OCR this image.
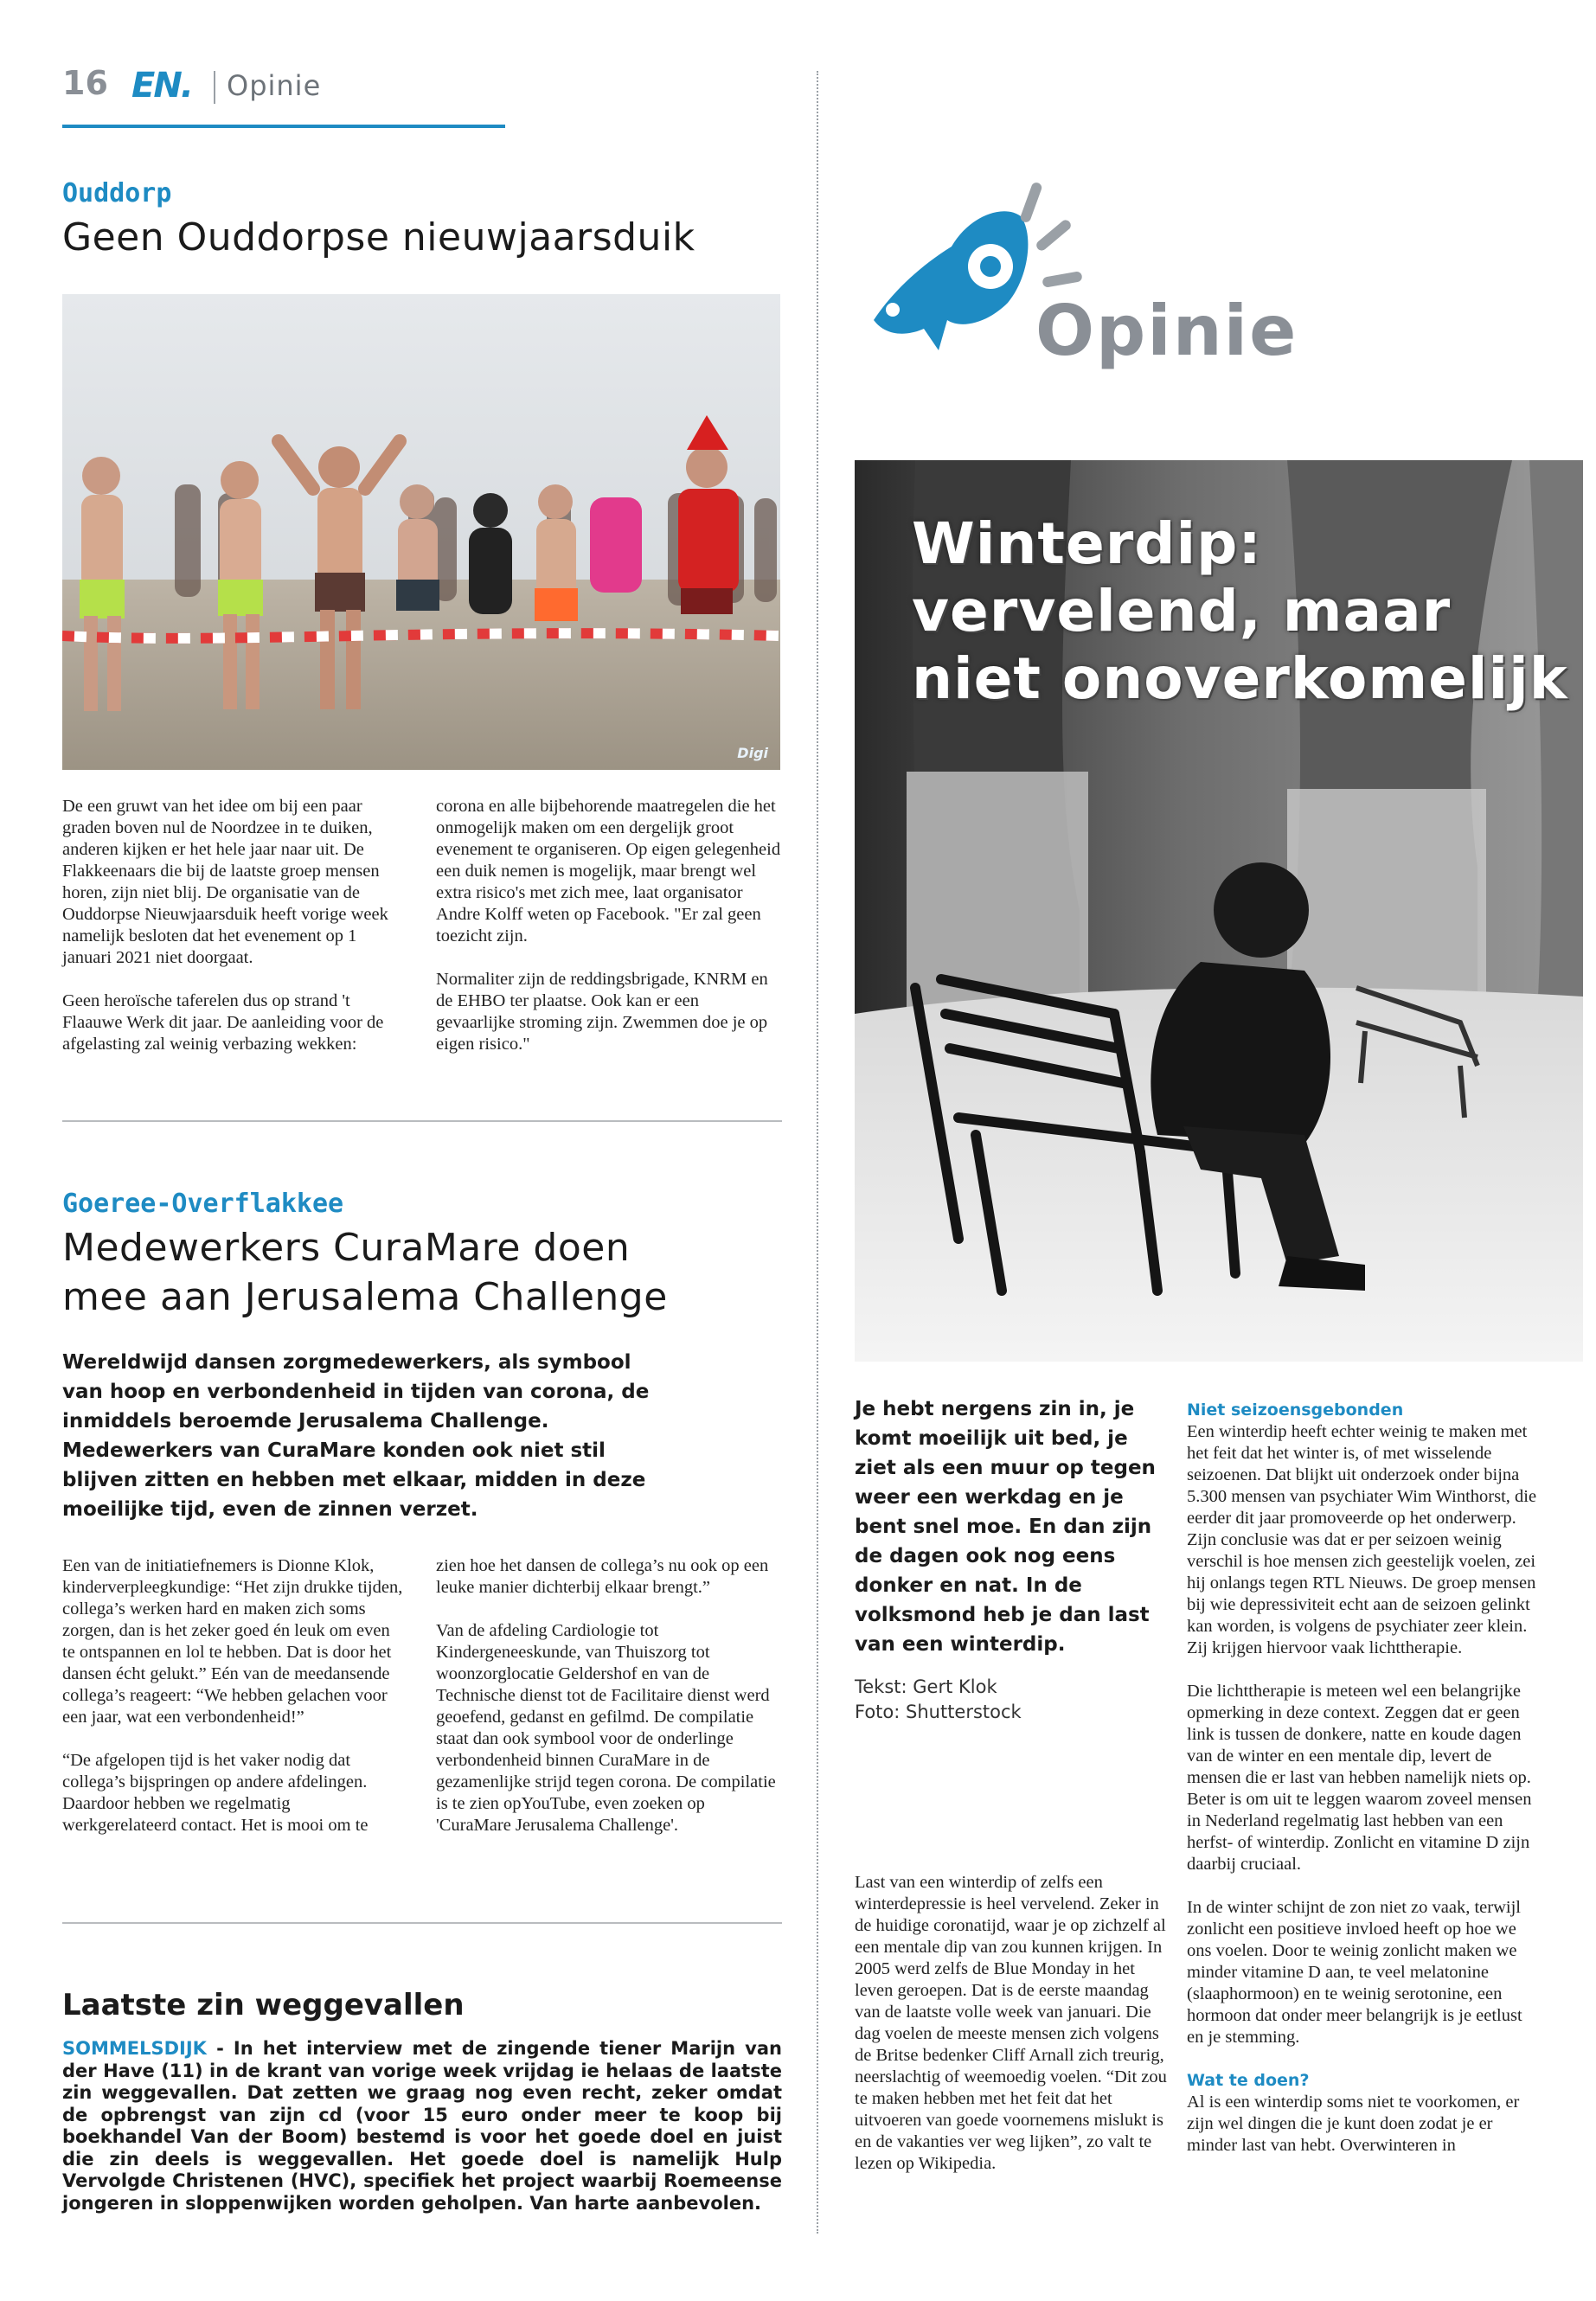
16 EN. Opinie
Ouddorp
Geen Ouddorpse nieuwjaarsduik
Digi

De een gruwt van het idee om bij een paar graden boven nul de Noordzee in te duiken, anderen kijken er het hele jaar naar uit. De Flakkeenaars die bij de laatste groep mensen horen, zijn niet blij. De organisatie van de Ouddorpse Nieuwjaarsduik heeft vorige week namelijk besloten dat het evenement op 1 januari 2021 niet doorgaat.

Geen heroïsche taferelen dus op strand 't Flaauwe Werk dit jaar. De aanleiding voor de afgelasting zal weinig verbazing wekken:

corona en alle bijbehorende maatregelen die het onmogelijk maken om een dergelijk groot evenement te organiseren. Op eigen gelegenheid een duik nemen is mogelijk, maar brengt wel extra risico's met zich mee, laat organisator Andre Kolff weten op Facebook. "Er zal geen toezicht zijn.

Normaliter zijn de reddingsbrigade, KNRM en de EHBO ter plaatse. Ook kan er een gevaarlijke stroming zijn. Zwemmen doe je op eigen risico."

Goeree-Overflakkee
Medewerkers CuraMare doen mee aan Jerusalema Challenge
Wereldwijd dansen zorgmedewerkers, als symbool van hoop en verbondenheid in tijden van corona, de inmiddels beroemde Jerusalema Challenge. Medewerkers van CuraMare konden ook niet stil blijven zitten en hebben met elkaar, midden in deze moeilijke tijd, even de zinnen verzet.

Een van de initiatiefnemers is Dionne Klok, kinderverpleegkundige: “Het zijn drukke tijden, collega’s werken hard en maken zich soms zorgen, dan is het zeker goed én leuk om even te ontspannen en lol te hebben. Dat is door het dansen écht gelukt.” Eén van de meedansende collega’s reageert: “We hebben gelachen voor een jaar, wat een verbondenheid!”

“De afgelopen tijd is het vaker nodig dat collega’s bijspringen op andere afdelingen. Daardoor hebben we regelmatig werkgerelateerd contact. Het is mooi om te

zien hoe het dansen de collega’s nu ook op een leuke manier dichterbij elkaar brengt.”

Van de afdeling Cardiologie tot Kindergeneeskunde, van Thuiszorg tot woonzorglocatie Geldershof en van de Technische dienst tot de Facilitaire dienst werd geoefend, gedanst en gefilmd. De compilatie staat dan ook symbool voor de onderlinge verbondenheid binnen CuraMare in de gezamenlijke strijd tegen corona. De compilatie is te zien opYouTube, even zoeken op 'CuraMare Jerusalema Challenge'.

Laatste zin weggevallen
SOMMELSDIJK - In het interview met de zingende tiener Marijn van der Have (11) in de krant van vorige week vrijdag ie helaas de laatste zin weggevallen. Dat zetten we graag nog even recht, zeker omdat de opbrengst van zijn cd (voor 15 euro onder meer te koop bij boekhandel Van der Boom) bestemd is voor het goede doel en juist die zin deels is weggevallen. Het goede doel is namelijk Hulp Vervolgde Christenen (HVC), specifiek het project waarbij Roemeense jongeren in sloppenwijken worden geholpen. Van harte aanbevolen.
Opinie
Winterdip:
vervelend, maar
niet onoverkomelijk
Je hebt nergens zin in, je komt moeilijk uit bed, je ziet als een muur op tegen weer een werkdag en je bent snel moe. En dan zijn de dagen ook nog eens donker en nat. In de volksmond heb je dan last van een winterdip.
Tekst: Gert Klok
Foto: Shutterstock
Last van een winterdip of zelfs een winterdepressie is heel vervelend. Zeker in de huidige coronatijd, waar je op zichzelf al een mentale dip van zou kunnen krijgen. In 2005 werd zelfs de Blue Monday in het leven geroepen. Dat is de eerste maandag van de laatste volle week van januari. Die dag voelen de meeste mensen zich volgens de Britse bedenker Cliff Arnall zich treurig, neerslachtig of weemoedig voelen. “Dit zou te maken hebben met het feit dat het uitvoeren van goede voornemens mislukt is en de vakanties ver weg lijken”, zo valt te lezen op Wikipedia.
Niet seizoensgebonden

Een winterdip heeft echter weinig te maken met het feit dat het winter is, of met wisselende seizoenen. Dat blijkt uit onderzoek onder bijna 5.300 mensen van psychiater Wim Winthorst, die eerder dit jaar promoveerde op het onderwerp. Zijn conclusie was dat er per seizoen weinig verschil is hoe mensen zich geestelijk voelen, zei hij onlangs tegen RTL Nieuws. De groep mensen bij wie depressiviteit echt aan de seizoen gelinkt kan worden, is volgens de psychiater zeer klein. Zij krijgen hiervoor vaak lichttherapie.

Die lichttherapie is meteen wel een belangrijke opmerking in deze context. Zeggen dat er geen link is tussen de donkere, natte en koude dagen van de winter en een mentale dip, levert de mensen die er last van hebben namelijk niets op. Beter is om uit te leggen waarom zoveel mensen in Nederland regelmatig last hebben van een herfst- of winterdip. Zonlicht en vitamine D zijn daarbij cruciaal.

In de winter schijnt de zon niet zo vaak, terwijl zonlicht een positieve invloed heeft op hoe we ons voelen. Door te weinig zonlicht maken we minder vitamine D aan, te veel melatonine (slaaphormoon) en te weinig serotonine, een hormoon dat onder meer belangrijk is je eetlust en je stemming.

Wat te doen?

Al is een winterdip soms niet te voorkomen, er zijn wel dingen die je kunt doen zodat je er minder last van hebt. Overwinteren in
